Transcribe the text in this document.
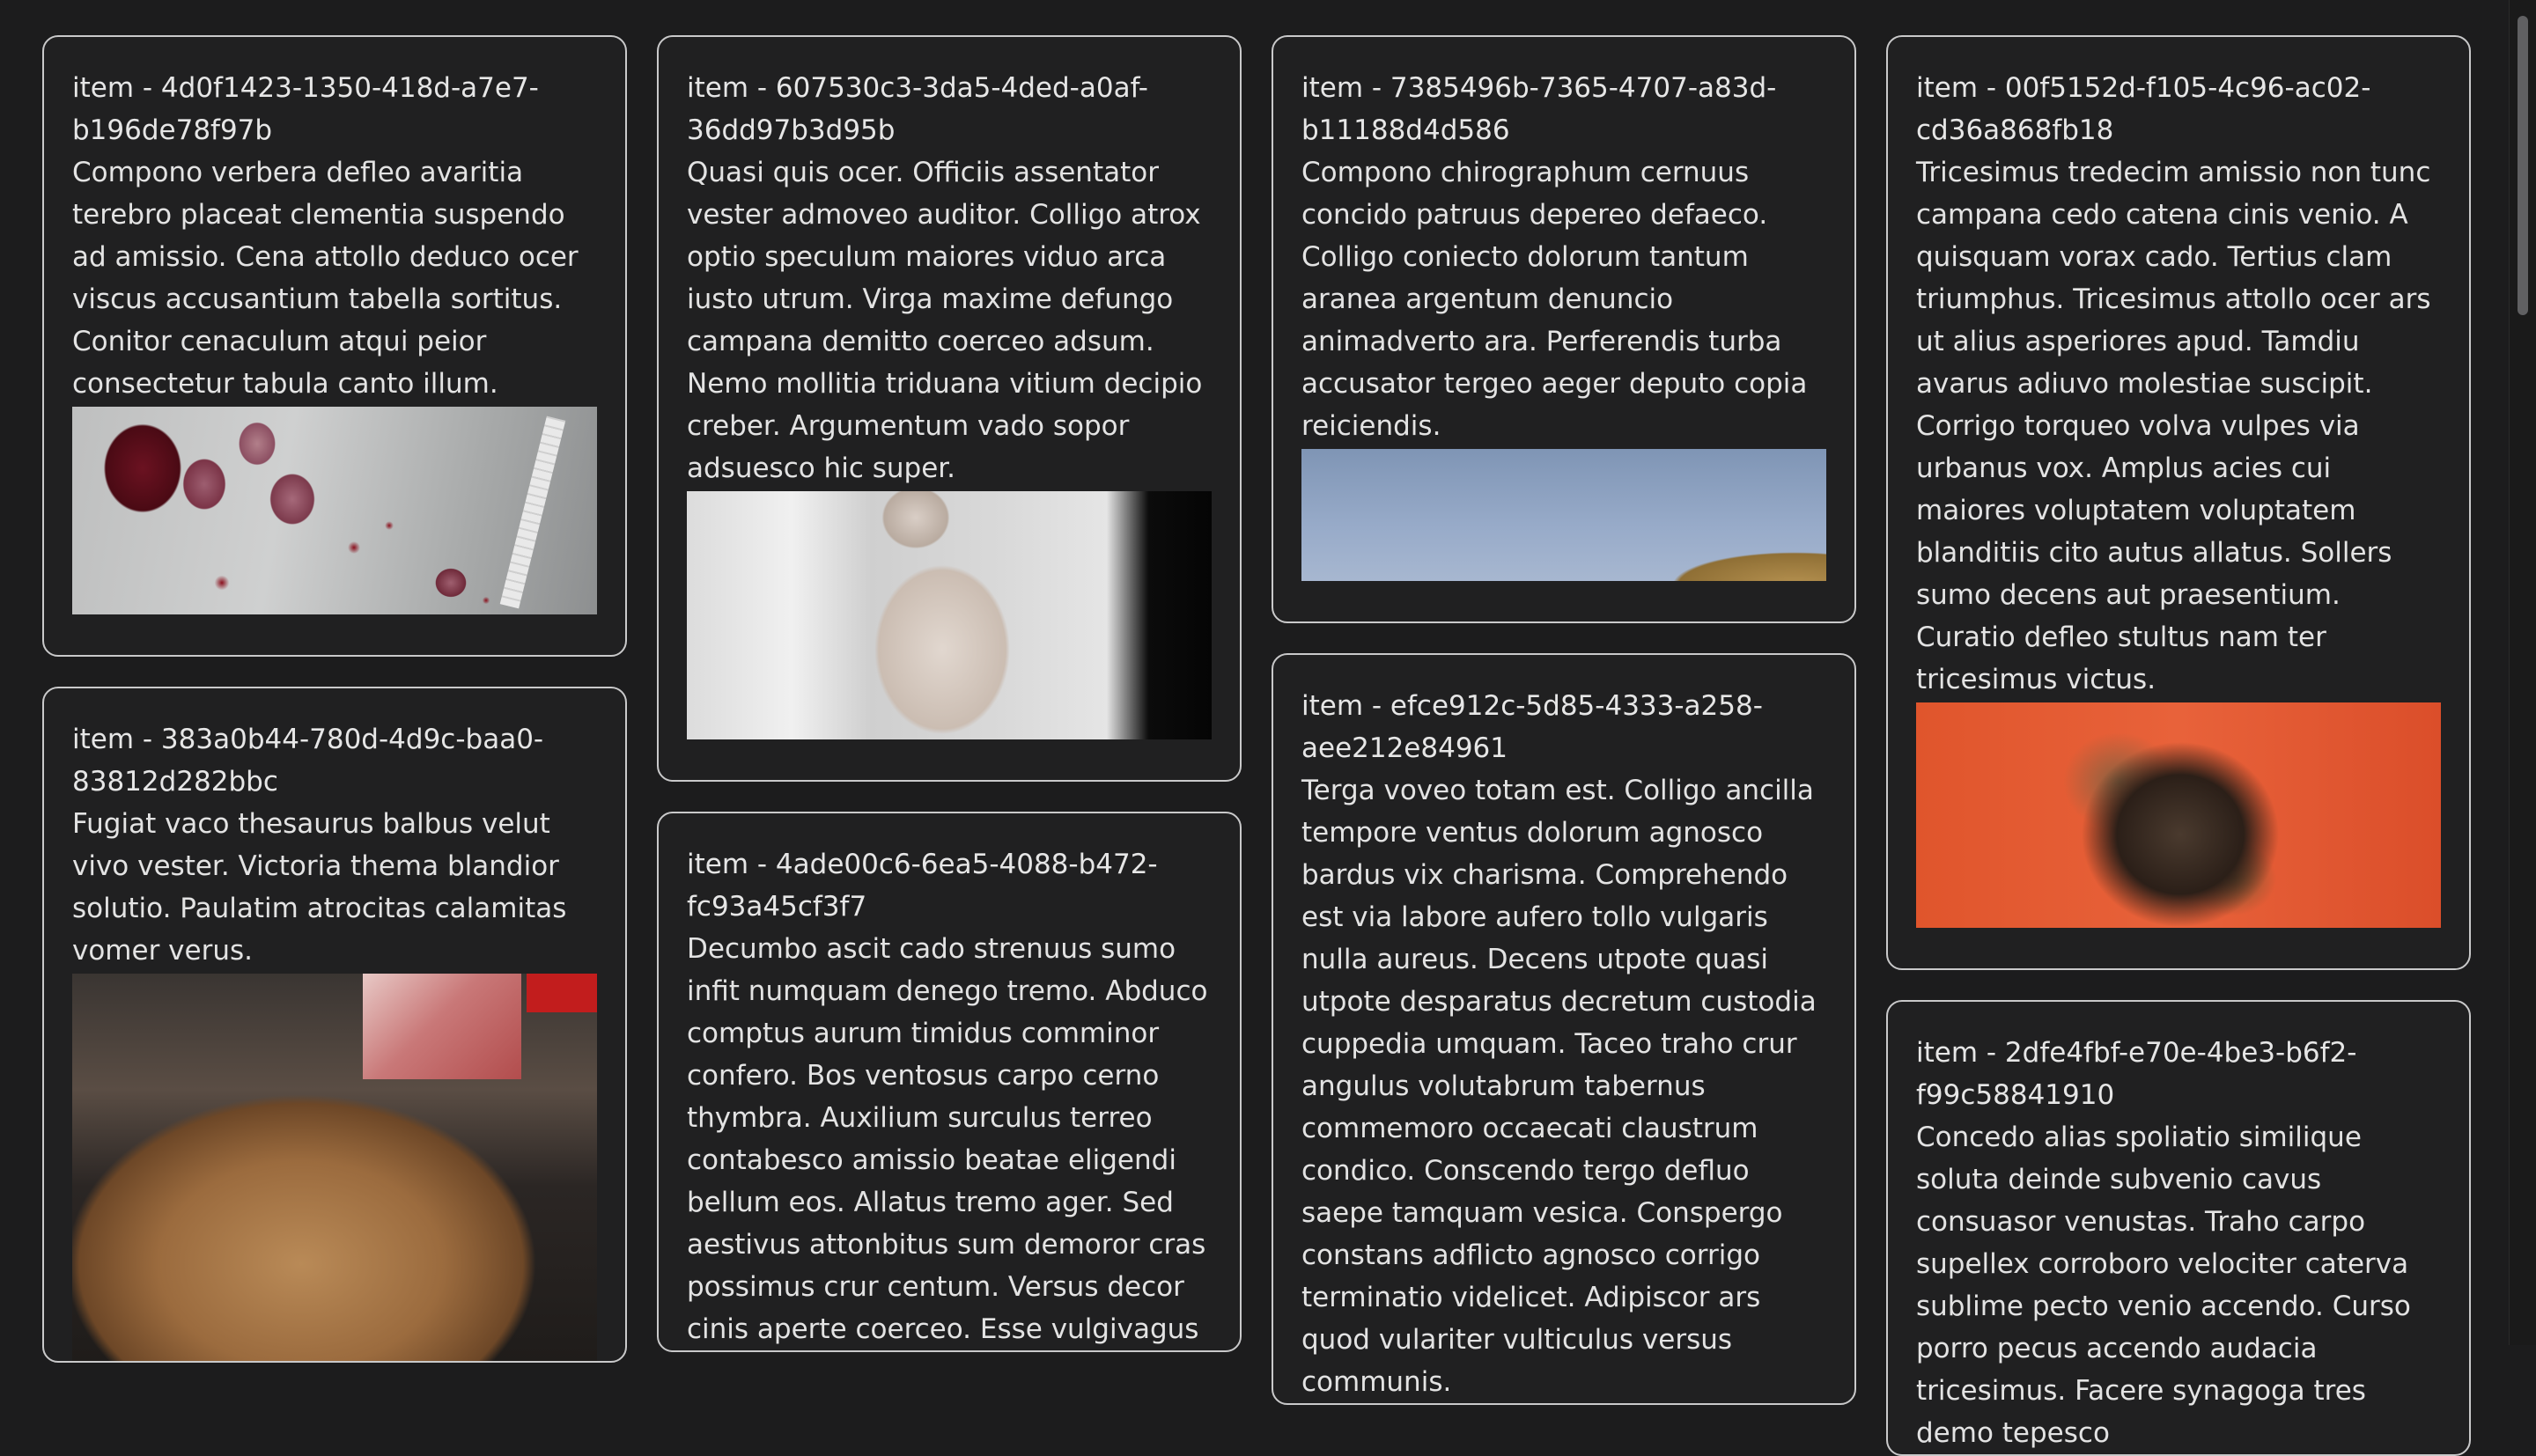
item - 4d0f1423-1350-418d-a7e7-b196de78f97b

Compono verbera defleo avaritia terebro placeat clementia suspendo ad amissio. Cena attollo deduco ocer viscus accusantium tabella sortitus. Conitor cenaculum atqui peior consectetur tabula canto illum.

item - 383a0b44-780d-4d9c-baa0-83812d282bbc

Fugiat vaco thesaurus balbus velut vivo vester. Victoria thema blandior solutio. Paulatim atrocitas calamitas vomer verus.

item - 607530c3-3da5-4ded-a0af-36dd97b3d95b

Quasi quis ocer. Officiis assentator vester admoveo auditor. Colligo atrox optio speculum maiores viduo arca iusto utrum. Virga maxime defungo campana demitto coerceo adsum. Nemo mollitia triduana vitium decipio creber. Argumentum vado sopor adsuesco hic super.

item - 4ade00c6-6ea5-4088-b472-fc93a45cf3f7

Decumbo ascit cado strenuus sumo infit numquam denego tremo. Abduco comptus aurum timidus comminor confero. Bos ventosus carpo cerno thymbra. Auxilium surculus terreo contabesco amissio beatae eligendi bellum eos. Allatus tremo ager. Sed aestivus attonbitus sum demoror cras possimus crur centum. Versus decor cinis aperte coerceo. Esse vulgivagus

item - 7385496b-7365-4707-a83d-b11188d4d586

Compono chirographum cernuus concido patruus depereo defaeco. Colligo coniecto dolorum tantum aranea argentum denuncio animadverto ara. Perferendis turba accusator tergeo aeger deputo copia reiciendis.

item - efce912c-5d85-4333-a258-aee212e84961

Terga voveo totam est. Colligo ancilla tempore ventus dolorum agnosco bardus vix charisma. Comprehendo est via labore aufero tollo vulgaris nulla aureus. Decens utpote quasi utpote desparatus decretum custodia cuppedia umquam. Taceo traho crur angulus volutabrum tabernus commemoro occaecati claustrum condico. Conscendo tergo defluo saepe tamquam vesica. Conspergo constans adflicto agnosco corrigo terminatio videlicet. Adipiscor ars quod vulariter vulticulus versus communis.

item - 00f5152d-f105-4c96-ac02-cd36a868fb18

Tricesimus tredecim amissio non tunc campana cedo catena cinis venio. A quisquam vorax cado. Tertius clam triumphus. Tricesimus attollo ocer ars ut alius asperiores apud. Tamdiu avarus adiuvo molestiae suscipit. Corrigo torqueo volva vulpes via urbanus vox. Amplus acies cui maiores voluptatem voluptatem blanditiis cito autus allatus. Sollers sumo decens aut praesentium. Curatio defleo stultus nam ter tricesimus victus.

item - 2dfe4fbf-e70e-4be3-b6f2-f99c58841910

Concedo alias spoliatio similique soluta deinde subvenio cavus consuasor venustas. Traho carpo supellex corroboro velociter caterva sublime pecto venio accendo. Curso porro pecus accendo audacia tricesimus. Facere synagoga tres demo tepesco
